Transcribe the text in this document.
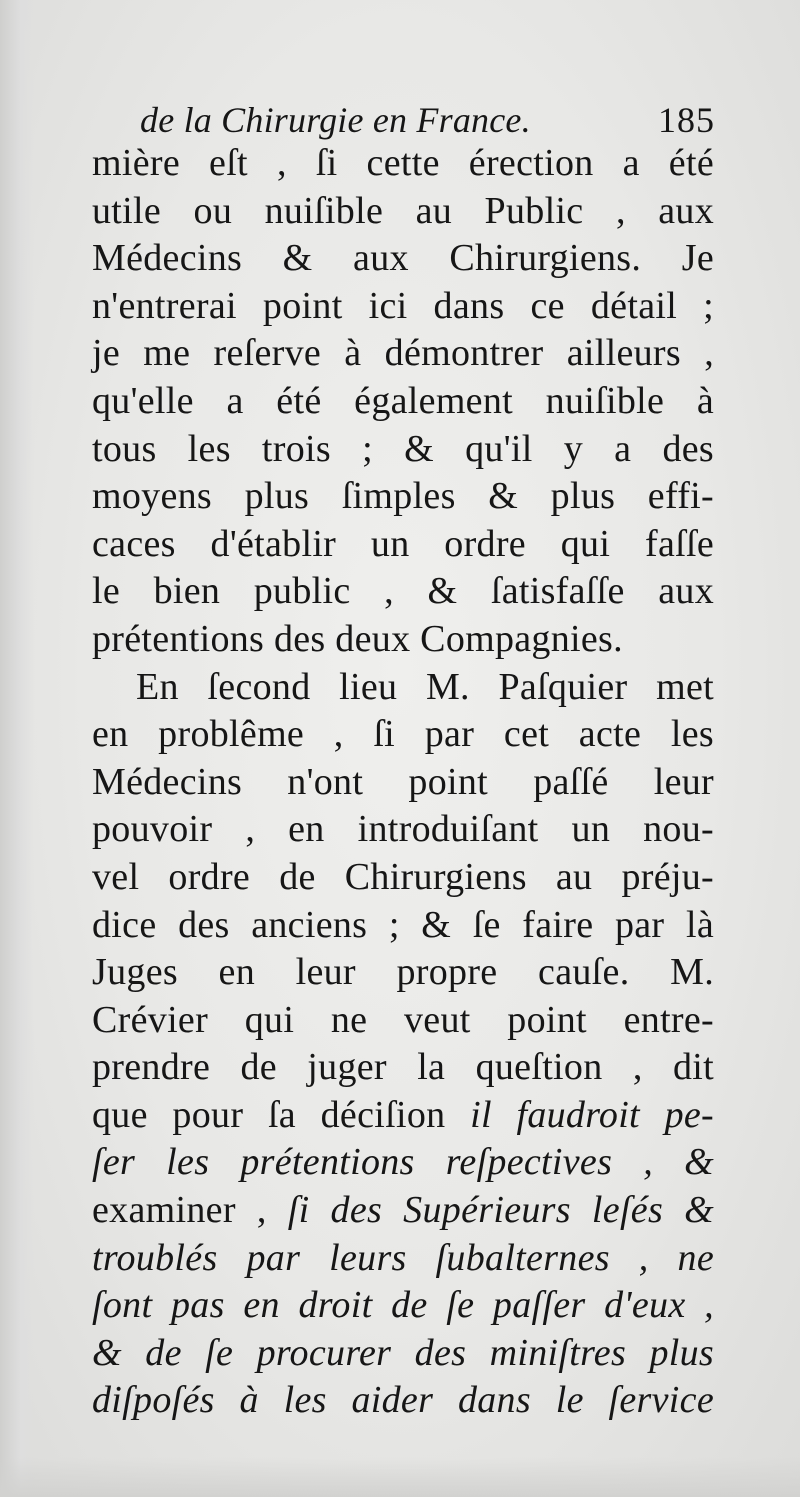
de la Chirurgie en France.	185
mière eſt , ſi cette érection a été
utile ou nuiſible au Public , aux
Médecins & aux Chirurgiens. Je
n'entrerai point ici dans ce détail ;
je me reſerve à démontrer ailleurs ,
qu'elle a été également nuiſible à
tous les trois ; & qu'il y a des
moyens plus ſimples & plus effi-
caces d'établir un ordre qui faſſe
le bien public , & ſatisfaſſe aux
prétentions des deux Compagnies.
En ſecond lieu M. Paſquier met
en problême , ſi par cet acte les
Médecins n'ont point paſſé leur
pouvoir , en introduiſant un nou-
vel ordre de Chirurgiens au préju-
dice des anciens ; & ſe faire par là
Juges en leur propre cauſe. M.
Crévier qui ne veut point entre-
prendre de juger la queſtion , dit
que pour ſa déciſion il faudroit pe-
ſer les prétentions reſpectives , &
examiner , ſi des Supérieurs leſés &
troublés par leurs ſubalternes , ne
ſont pas en droit de ſe paſſer d'eux ,
& de ſe procurer des miniſtres plus
diſpoſés à les aider dans le ſervice
